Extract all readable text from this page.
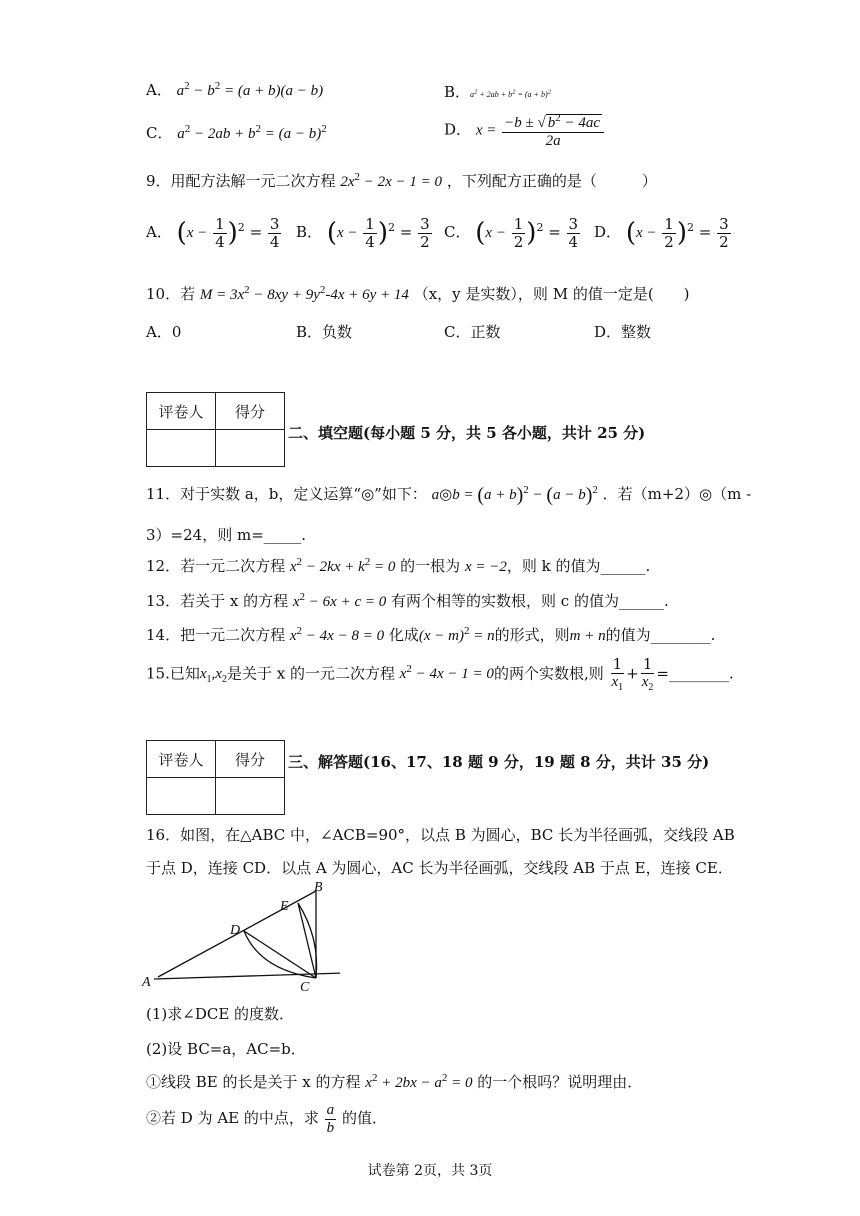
A． $a^2 - b^2 = (a + b)(a - b)$	B．$a^2 + 2ab + b^2 = (a + b)^2$
C． $a^2 - 2ab + b^2 = (a - b)^2$	D． $x = \frac{-b \pm √ b^2 - 4ac}{2a}$
9．用配方法解一元二次方程 $2x^2 - 2x - 1 = 0$ ，下列配方正确的是（　　　）
A． $(x - \frac{1}{4} )^2 = \frac{3}{4}$ B． $(x - \frac{1}{4} )^2 = \frac{3}{2}$ C． $(x - \frac{1}{2} )^2 = \frac{3}{4}$ D． $(x - \frac{1}{2} )^2 = \frac{3}{2}$
10．若 $M = 3x^2 - 8xy + 9y^2-4x + 6y + 14$ （x，y 是实数），则 M 的值一定是(　　)
A．0	B．负数	C．正数	D．整数
评卷人	得分

二、填空题(每小题 5 分，共 5 各小题，共计 25 分)
11．对于实数 a，b，定义运算“◎”如下： a◎b = $(a + b)^2 - (a - b)^2$ ．若（m+2）◎（m -
3）=24，则 m=_____.
12．若一元二次方程 $x^2 - 2kx + k^2 = 0$ 的一根为 x = −2，则 k 的值为______.
13．若关于 x 的方程 $x^2 - 6x + c = 0$ 有两个相等的实数根，则 c 的值为______.
14．把一元二次方程 $x^2 - 4x - 8 = 0$ 化成$(x - m)^2 = n$的形式，则m + n的值为________.
15.已知$x_1,x_2$是关于 x 的一元二次方程 $x^2 - 4x - 1 = 0$的两个实数根,则 $\frac{1}{x_1} + \frac{1}{x_2}$ =________.
评卷人	得分
	三、解答题(16、17、18 题 9 分，19 题 8 分，共计 35 分)
16．如图，在△ABC 中，∠ACB=90°，以点 B 为圆心，BC 长为半径画弧，交线段 AB
于点 D，连接 CD．以点 A 为圆心，AC 长为半径画弧，交线段 AB 于点 E，连接 CE．
A
B
C
D
E
(1)求∠DCE 的度数．
(2)设 BC=a，AC=b．
①线段 BE 的长是关于 x 的方程 $x^2 + 2bx - a^2 = 0$ 的一个根吗？说明理由．
②若 D 为 AE 的中点，求 $\frac{a}{b}$ 的值．
试卷第 2页，共 3页
